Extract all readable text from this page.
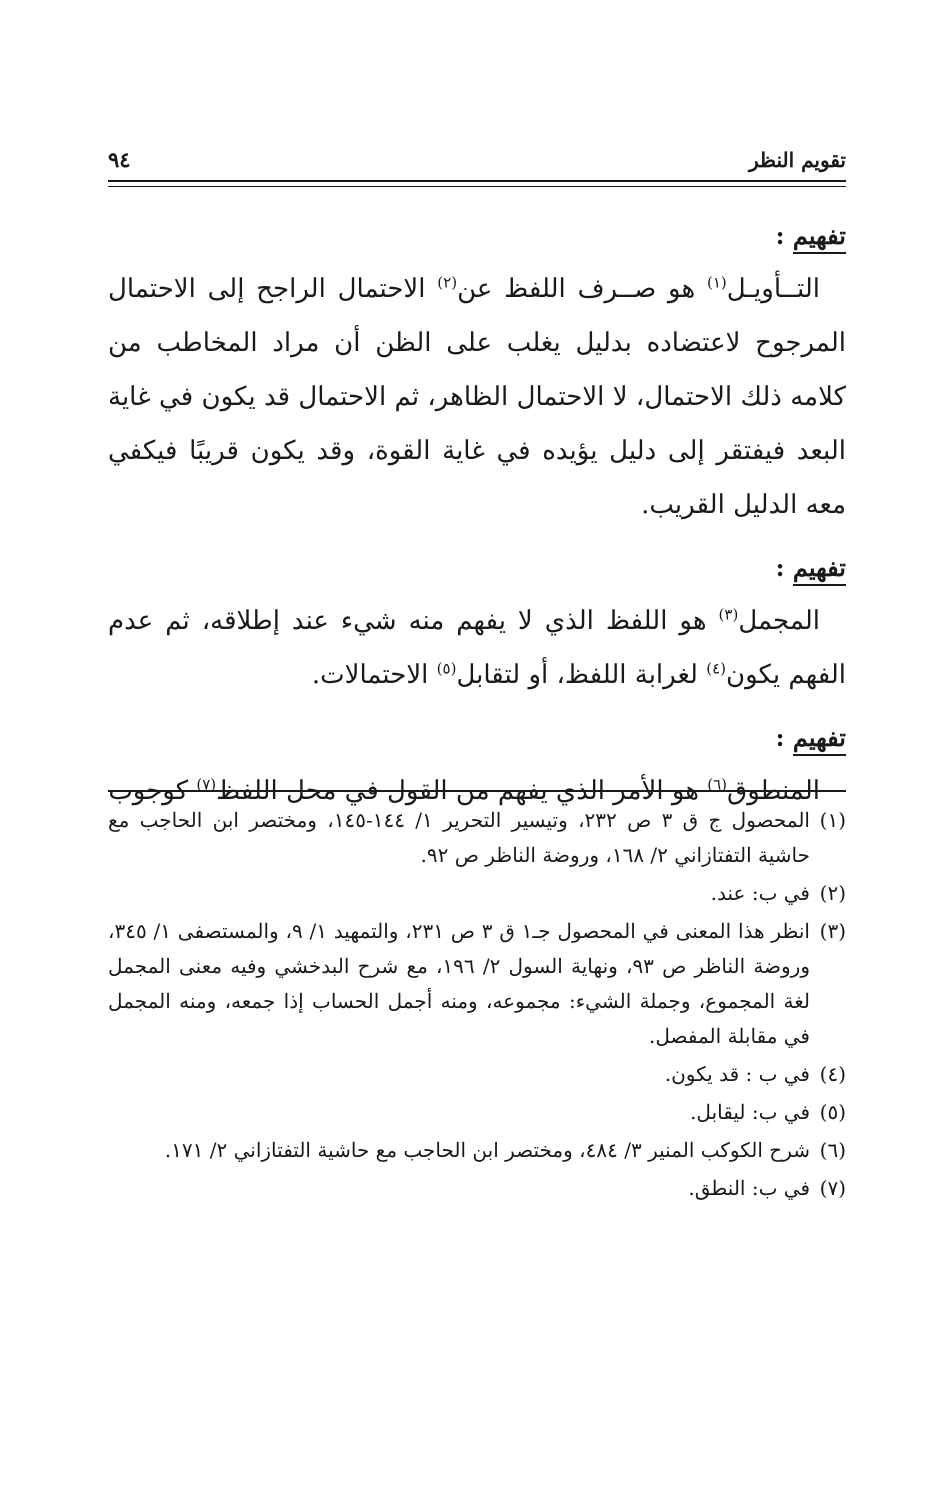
تقويم النظر
٩٤

تفهيم :

التــأويـل$^{(١)}$ هو صــرف اللفظ عن$^{(٢)}$ الاحتمال الراجح إلى الاحتمال المرجوح لاعتضاده بدليل يغلب على الظن أن مراد المخاطب من كلامه ذلك الاحتمال، لا الاحتمال الظاهر، ثم الاحتمال قد يكون في غاية البعد فيفتقر إلى دليل يؤيده في غاية القوة، وقد يكون قريبًا فيكفي معه الدليل القريب.

تفهيم :

المجمل$^{(٣)}$ هو اللفظ الذي لا يفهم منه شيء عند إطلاقه، ثم عدم الفهم يكون$^{(٤)}$ لغرابة اللفظ، أو لتقابل$^{(٥)}$ الاحتمالات.

تفهيم :

المنطوق$^{(٦)}$ هو الأمر الذي يفهم من القول في محل اللفظ$^{(٧)}$ كوجوب

(١)
المحصول ج ق ٣ ص ٢٣٢، وتيسير التحرير ١/ ١٤٤-١٤٥، ومختصر ابن الحاجب مع حاشية التفتازاني ٢/ ١٦٨، وروضة الناظر ص ٩٢.
(٢)
في ب: عند.
(٣)
انظر هذا المعنى في المحصول جـ١ ق ٣ ص ٢٣١، والتمهيد ١/ ٩، والمستصفى ١/ ٣٤٥، وروضة الناظر ص ٩٣، ونهاية السول ٢/ ١٩٦، مع شرح البدخشي وفيه معنى المجمل لغة المجموع، وجملة الشيء: مجموعه، ومنه أجمل الحساب إذا جمعه، ومنه المجمل في مقابلة المفصل.
(٤)
في ب : قد يكون.
(٥)
في ب: ليقابل.
(٦)
شرح الكوكب المنير ٣/ ٤٨٤، ومختصر ابن الحاجب مع حاشية التفتازاني ٢/ ١٧١.
(٧)
في ب: النطق.
